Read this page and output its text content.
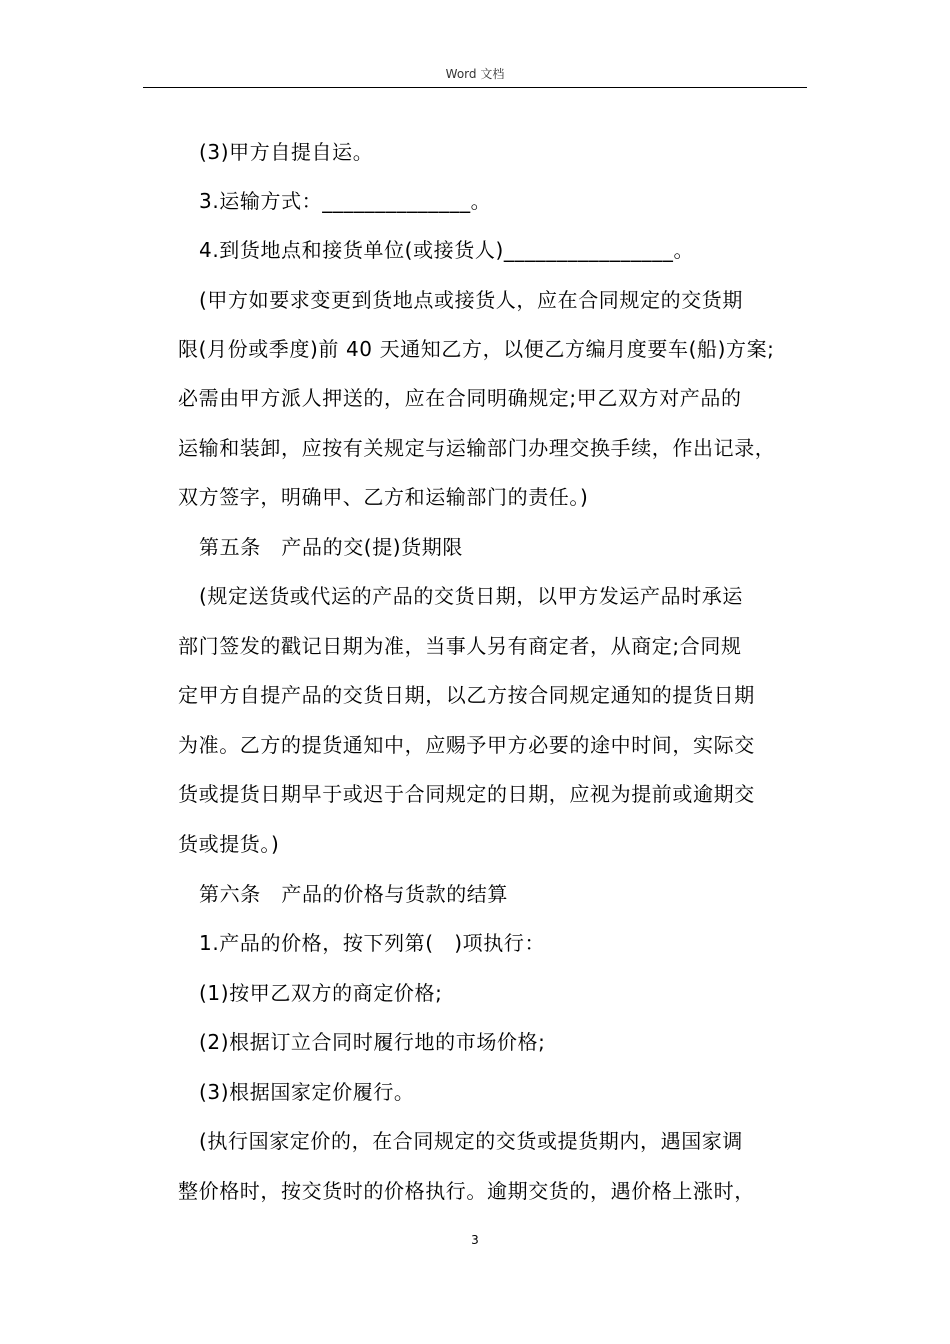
Word 文档
(3)甲方自提自运。
3.运输方式：______________。
4.到货地点和接货单位(或接货人)________________。
(甲方如要求变更到货地点或接货人，应在合同规定的交货期
限(月份或季度)前 40 天通知乙方，以便乙方编月度要车(船)方案;
必需由甲方派人押送的，应在合同明确规定;甲乙双方对产品的
运输和装卸，应按有关规定与运输部门办理交换手续，作出记录，
双方签字，明确甲、乙方和运输部门的责任。)
第五条　产品的交(提)货期限
(规定送货或代运的产品的交货日期，以甲方发运产品时承运
部门签发的戳记日期为准，当事人另有商定者，从商定;合同规
定甲方自提产品的交货日期，以乙方按合同规定通知的提货日期
为准。乙方的提货通知中，应赐予甲方必要的途中时间，实际交
货或提货日期早于或迟于合同规定的日期，应视为提前或逾期交
货或提货。)
第六条　产品的价格与货款的结算
1.产品的价格，按下列第(　)项执行：
(1)按甲乙双方的商定价格;
(2)根据订立合同时履行地的市场价格;
(3)根据国家定价履行。
(执行国家定价的，在合同规定的交货或提货期内，遇国家调
整价格时，按交货时的价格执行。逾期交货的，遇价格上涨时，
3
